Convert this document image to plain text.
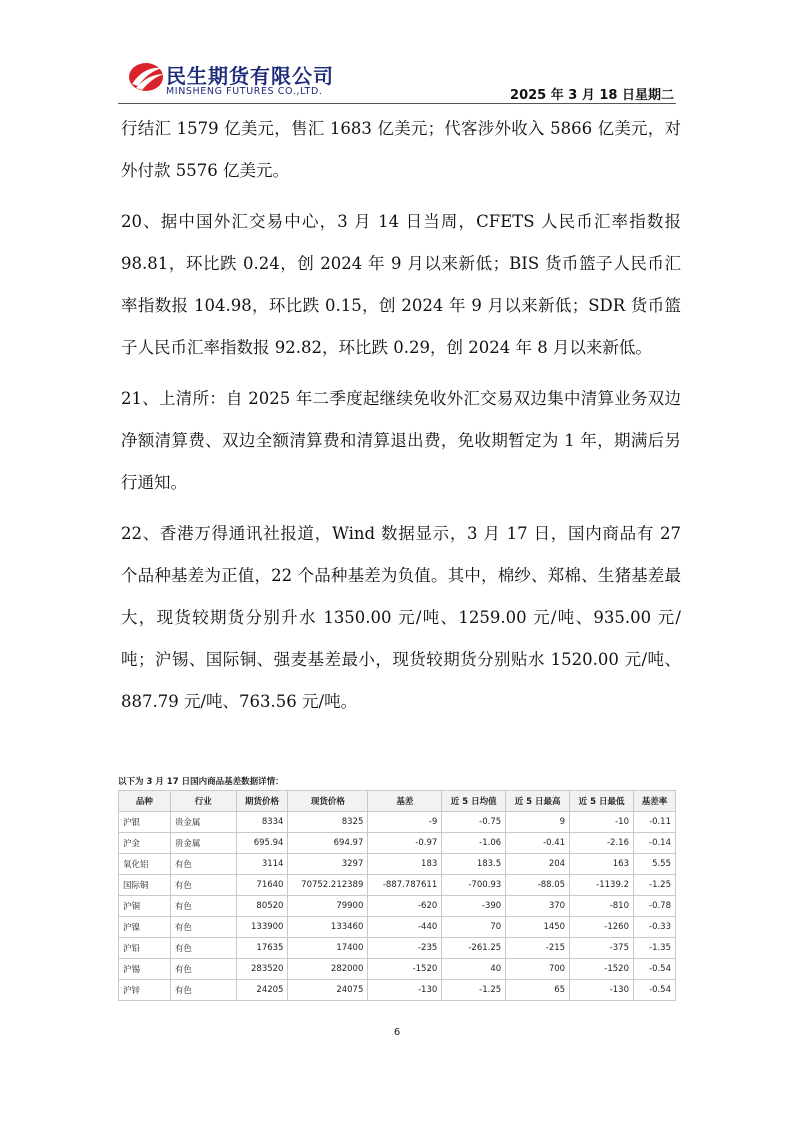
民生期货有限公司
MINSHENG FUTURES CO.,LTD.	2025 年 3 月 18 日星期二

行结汇 1579 亿美元，售汇 1683 亿美元；代客涉外收入 5866 亿美元，对外付款 5576 亿美元。

20、据中国外汇交易中心，3 月 14 日当周，CFETS 人民币汇率指数报 98.81，环比跌 0.24，创 2024 年 9 月以来新低；BIS 货币篮子人民币汇率指数报 104.98，环比跌 0.15，创 2024 年 9 月以来新低；SDR 货币篮子人民币汇率指数报 92.82，环比跌 0.29，创 2024 年 8 月以来新低。

21、上清所：自 2025 年二季度起继续免收外汇交易双边集中清算业务双边净额清算费、双边全额清算费和清算退出费，免收期暂定为 1 年，期满后另行通知。

22、香港万得通讯社报道，Wind 数据显示，3 月 17 日，国内商品有 27 个品种基差为正值，22 个品种基差为负值。其中，棉纱、郑棉、生猪基差最大，现货较期货分别升水 1350.00 元/吨、1259.00 元/吨、935.00 元/吨；沪锡、国际铜、强麦基差最小，现货较期货分别贴水 1520.00 元/吨、887.79 元/吨、763.56 元/吨。

以下为 3 月 17 日国内商品基差数据详情：
品种	行业	期货价格	现货价格	基差	近 5 日均值	近 5 日最高	近 5 日最低	基差率
沪银	贵金属	8334	8325	-9	-0.75	9	-10	-0.11
沪金	贵金属	695.94	694.97	-0.97	-1.06	-0.41	-2.16	-0.14
氧化铝	有色	3114	3297	183	183.5	204	163	5.55
国际铜	有色	71640	70752.212389	-887.787611	-700.93	-88.05	-1139.2	-1.25
沪铜	有色	80520	79900	-620	-390	370	-810	-0.78
沪镍	有色	133900	133460	-440	70	1450	-1260	-0.33
沪铅	有色	17635	17400	-235	-261.25	-215	-375	-1.35
沪锡	有色	283520	282000	-1520	40	700	-1520	-0.54
沪锌	有色	24205	24075	-130	-1.25	65	-130	-0.54
6
